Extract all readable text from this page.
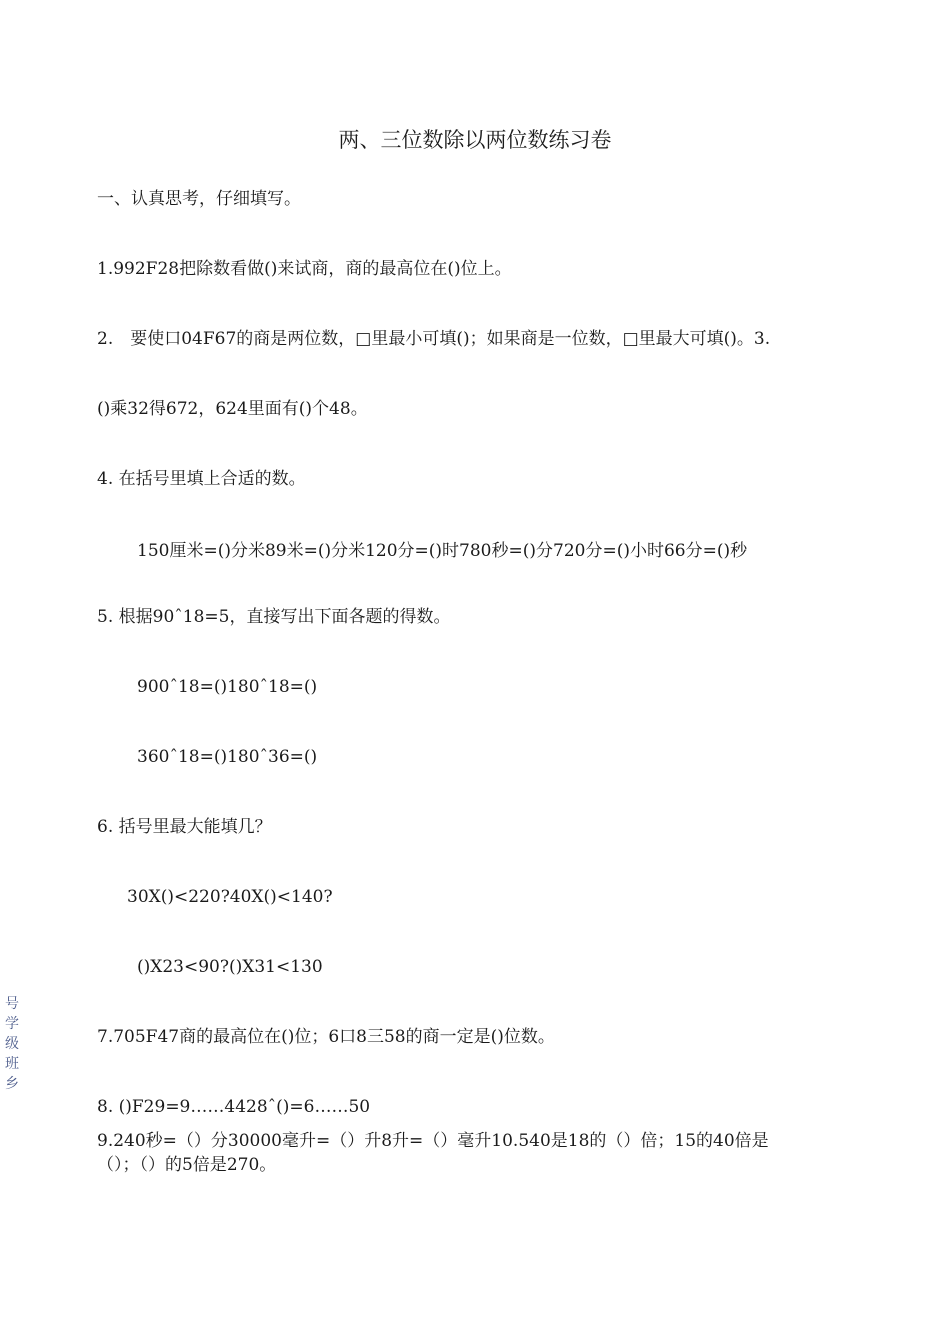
两、三位数除以两位数练习卷
一、认真思考，仔细填写。
1.992F28把除数看做()来试商，商的最高位在()位上。
2.　要使口04F67的商是两位数，□里最小可填()；如果商是一位数，□里最大可填()。3.
()乘32得672，624里面有()个48。
4. 在括号里填上合适的数。
150厘米=()分米89米=()分米120分=()时780秒=()分720分=()小时66分=()秒
5. 根据90ˆ18=5，直接写出下面各题的得数。
900ˆ18=()180ˆ18=()
360ˆ18=()180ˆ36=()
6. 括号里最大能填几？
30X()<220?40X()<140?
()X23<90?()X31<130
7.705F47商的最高位在()位；6口8三58的商一定是()位数。
8. ()F29=9……4428ˆ()=6……50
9.240秒=（）分30000毫升=（）升8升=（）毫升10.540是18的（）倍；15的40倍是
（）；（）的5倍是270。
号
学
级
班
乡
